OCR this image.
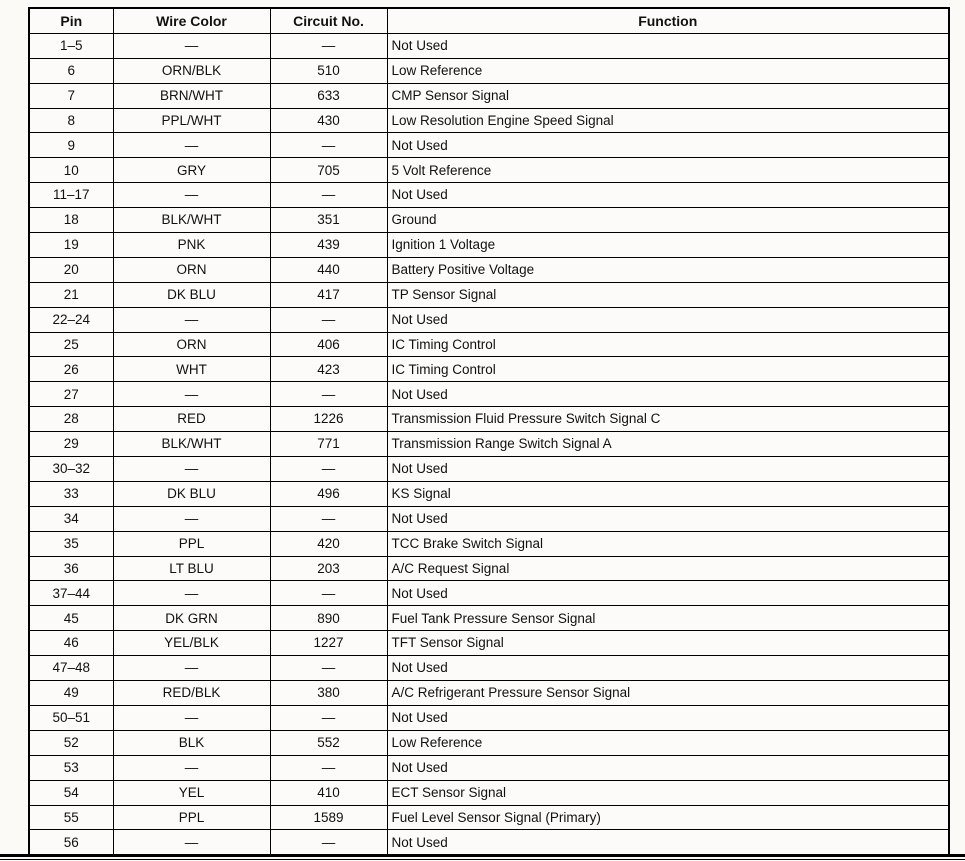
Pin	Wire Color	Circuit No.	Function
1–5	—	—	Not Used
6	ORN/BLK	510	Low Reference
7	BRN/WHT	633	CMP Sensor Signal
8	PPL/WHT	430	Low Resolution Engine Speed Signal
9	—	—	Not Used
10	GRY	705	5 Volt Reference
11–17	—	—	Not Used
18	BLK/WHT	351	Ground
19	PNK	439	Ignition 1 Voltage
20	ORN	440	Battery Positive Voltage
21	DK BLU	417	TP Sensor Signal
22–24	—	—	Not Used
25	ORN	406	IC Timing Control
26	WHT	423	IC Timing Control
27	—	—	Not Used
28	RED	1226	Transmission Fluid Pressure Switch Signal C
29	BLK/WHT	771	Transmission Range Switch Signal A
30–32	—	—	Not Used
33	DK BLU	496	KS Signal
34	—	—	Not Used
35	PPL	420	TCC Brake Switch Signal
36	LT BLU	203	A/C Request Signal
37–44	—	—	Not Used
45	DK GRN	890	Fuel Tank Pressure Sensor Signal
46	YEL/BLK	1227	TFT Sensor Signal
47–48	—	—	Not Used
49	RED/BLK	380	A/C Refrigerant Pressure Sensor Signal
50–51	—	—	Not Used
52	BLK	552	Low Reference
53	—	—	Not Used
54	YEL	410	ECT Sensor Signal
55	PPL	1589	Fuel Level Sensor Signal (Primary)
56	—	—	Not Used
